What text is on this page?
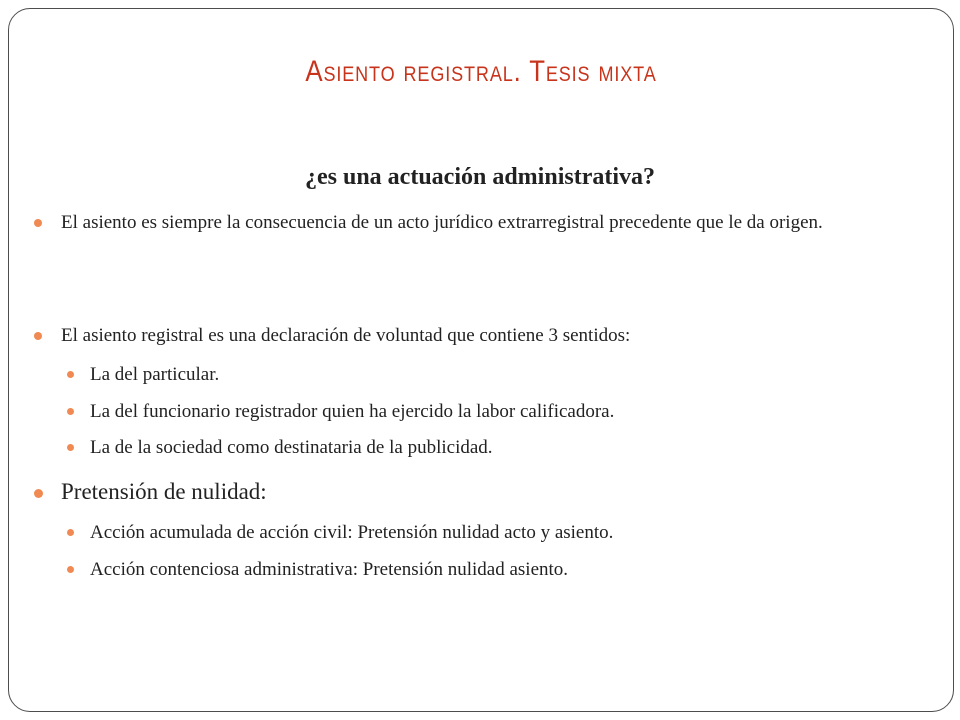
Asiento registral. Tesis mixta

¿es una actuación administrativa?

El asiento es siempre la consecuencia de un acto jurídico extrarregistral precedente que le da origen.
El asiento registral es una declaración de voluntad que contiene 3 sentidos:
La del particular.
La del funcionario registrador quien ha ejercido la labor calificadora.
La de la sociedad como destinataria de la publicidad.
Pretensión de nulidad:
Acción acumulada de acción civil: Pretensión nulidad acto y asiento.
Acción contenciosa administrativa: Pretensión nulidad asiento.
